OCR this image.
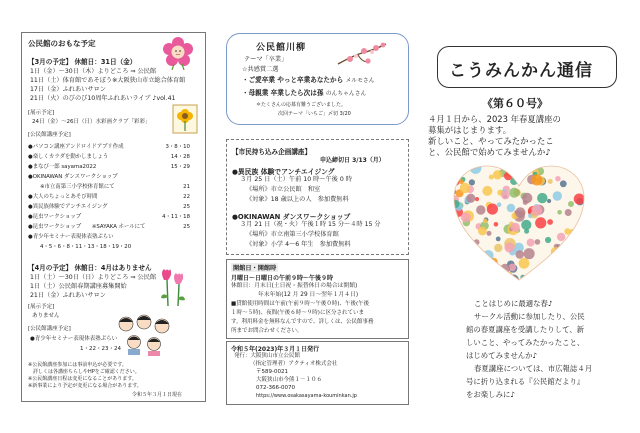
公民館のおもな予定
【3月の予定】 休館日：31日（金）
1日（金）～30日（木）よりどころ ⇒ 公民館
11日（土）体育館であそぼう※大阪狭山市立総合体育館
17日（金）ふれあいサロン
21日（火）のびのび10周年ふれあいライブ ♪vol.41
[展示予定]
24日（金）～26日（日）水彩画クラブ「彩彩」
[公民館講座予定]
●パソコン講座アンドロイドアプリ作成	3・8・10
●楽しくカラダを動かしましょう	14・28
●まなび一郎 sayama2022	15・29
●OKINAWAN ダンスワークショップ
※市立南第三小学校体育館にて	21
●大人のちょっとあそび時間	22
●異民族体験でアンチエイジング	25
●昆虫ワークショップ	4・11・18
●昆虫ワークショップ　　※SAYAKA ホールにて	25
●青少年セミナー表現体表塾ぷらい
4・5・6・8・11・13・18・19・20
【4月の予定】 休館日：4月はありません
1日（土）～30日（日）よりどころ ⇒ 公民館
1日（土）公民館春期講座募集開始
21日（金）ふれあいサロン
[展示予定]
ありません
[公民館講座予定]
●青少年セミナー表現体表塾ぷらい
1・22・23・24
※公民館講座参加には事前申込が必要です。
　詳しくは各講座ちらしやHPをご確認ください。
※公民館講座日程は変更になることがあります。
※新事業により予定が変更になる場合があります。
令和５年３月１日現在
公民館川柳
テーマ「卒業」
☆共感賞二選
・ご愛卒業 やっと卒業あなたから メルモさん
・母親業 卒業したら次は孫 のんちゃんさん
＊たくさんの応募有難うございました。
次回テーマ「いちご」〆切 3/20
【市民持ち込み企画講座】
申込締切日 3/13（月）
●異民族 体験でアンチエイジング
３月 25 日（土）午前 10 時～午後 0 時
《場所》市立公民館　和室
《対象》18 歳以上の人　参加費無料
●OKINAWAN ダンスワークショップ
３月 21 日（祝・火）午後１時 15 分～４時 15 分
《場所》市立南第三小学校体育館
《対象》小学 4～6 年生　参加費無料
開館日・開館時
月曜日～日曜日の午前９時～午後９時
休館日：月末日(土日祝・振替休日の場合は開館)
年末年始(12 月 29 日～翌年１月４日)
■貸館使用時間は午前(午前９時～午後０時)、午後(午後
１時～５時)、夜間(午後６時～９時)に区分されていま
す。利用料金を無料なんですので、詳しくは、公民館事務
所までお問合わせください。
令和５年(2023)年３月１日発行
発行：大阪狭山市立公民館
（指定管理者）アクティオ株式会社
〒589-0021
大阪狭山市今熊１－１０６
072-366-0070
https://www.osakasayama-kouminkan.jp
こうみんかん通信
《第６０号》
４月１日から、2023 年春夏講座の
募集がはじまります。
新しいこと、やってみたかったこ
と、公民館で始めてみませんか♪
ことはじめに最適な春♪
サークル活動に参加したり、公民
館の春夏講座を受講したりして、新
しいこと、やってみたかったこと、
はじめてみませんか♪
春夏講座については、市広報誌４月
号に折り込まれる『公民館だより』
をお楽しみに♪
